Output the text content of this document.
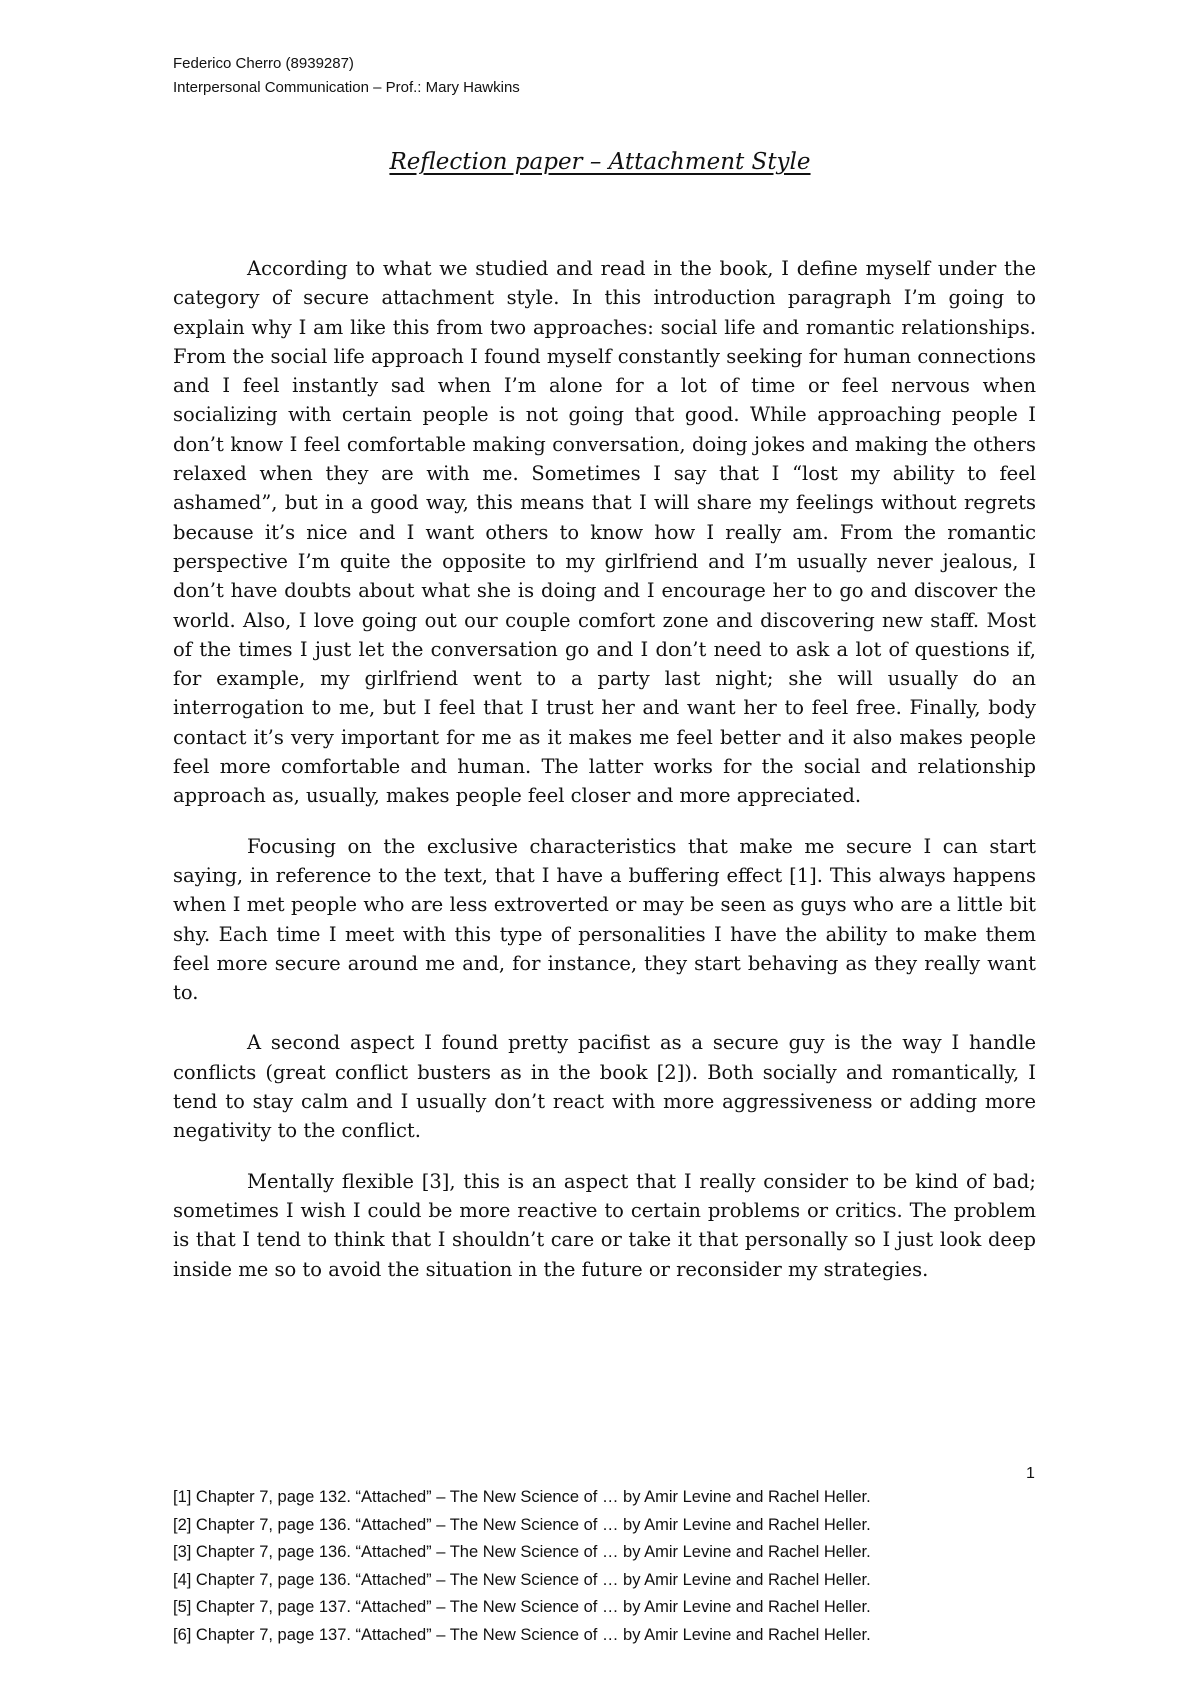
Federico Cherro (8939287)
Interpersonal Communication – Prof.: Mary Hawkins
Reflection paper – Attachment Style

According to what we studied and read in the book, I define myself under the category of secure attachment style. In this introduction paragraph I’m going to explain why I am like this from two approaches: social life and romantic relationships. From the social life approach I found myself constantly seeking for human connections and I feel instantly sad when I’m alone for a lot of time or feel nervous when socializing with certain people is not going that good. While approaching people I don’t know I feel comfortable making conversation, doing jokes and making the others relaxed when they are with me. Sometimes I say that I “lost my ability to feel ashamed”, but in a good way, this means that I will share my feelings without regrets because it’s nice and I want others to know how I really am. From the romantic perspective I’m quite the opposite to my girlfriend and I’m usually never jealous, I don’t have doubts about what she is doing and I encourage her to go and discover the world. Also, I love going out our couple comfort zone and discovering new staff. Most of the times I just let the conversation go and I don’t need to ask a lot of questions if, for example, my girlfriend went to a party last night; she will usually do an interrogation to me, but I feel that I trust her and want her to feel free. Finally, body contact it’s very important for me as it makes me feel better and it also makes people feel more comfortable and human. The latter works for the social and relationship approach as, usually, makes people feel closer and more appreciated.

Focusing on the exclusive characteristics that make me secure I can start saying, in reference to the text, that I have a buffering effect [1]. This always happens when I met people who are less extroverted or may be seen as guys who are a little bit shy. Each time I meet with this type of personalities I have the ability to make them feel more secure around me and, for instance, they start behaving as they really want to.

A second aspect I found pretty pacifist as a secure guy is the way I handle conflicts (great conflict busters as in the book [2]). Both socially and romantically, I tend to stay calm and I usually don’t react with more aggressiveness or adding more negativity to the conflict.

Mentally flexible [3], this is an aspect that I really consider to be kind of bad; sometimes I wish I could be more reactive to certain problems or critics. The problem is that I tend to think that I shouldn’t care or take it that personally so I just look deep inside me so to avoid the situation in the future or reconsider my strategies.

1
[1] Chapter 7, page 132. “Attached” – The New Science of … by Amir Levine and Rachel Heller.
[2] Chapter 7, page 136. “Attached” – The New Science of … by Amir Levine and Rachel Heller.
[3] Chapter 7, page 136. “Attached” – The New Science of … by Amir Levine and Rachel Heller.
[4] Chapter 7, page 136. “Attached” – The New Science of … by Amir Levine and Rachel Heller.
[5] Chapter 7, page 137. “Attached” – The New Science of … by Amir Levine and Rachel Heller.
[6] Chapter 7, page 137. “Attached” – The New Science of … by Amir Levine and Rachel Heller.
